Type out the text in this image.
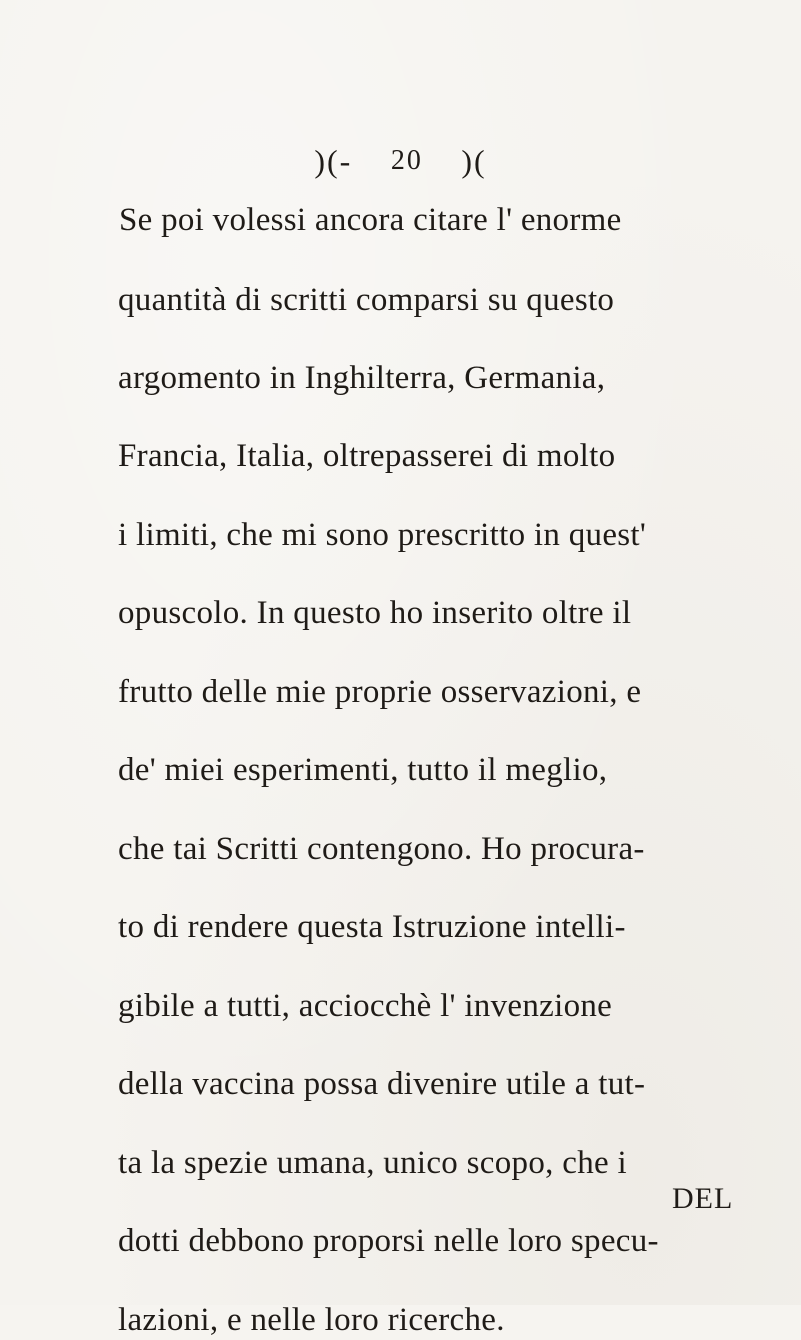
)(- 20 )(
Se poi volessi ancora citare l' enorme
quantità di scritti comparsi su questo
argomento in Inghilterra, Germania,
Francia, Italia, oltrepasserei di molto
i limiti, che mi sono prescritto in quest'
opuscolo. In questo ho inserito oltre il
frutto delle mie proprie osservazioni, e
de' miei esperimenti, tutto il meglio,
che tai Scritti contengono. Ho procura-
to di rendere questa Istruzione intelli-
gibile a tutti, acciocchè l' invenzione
della vaccina possa divenire utile a tut-
ta la spezie umana, unico scopo, che i
dotti debbono proporsi nelle loro specu-
lazioni, e nelle loro ricerche.
DEL
